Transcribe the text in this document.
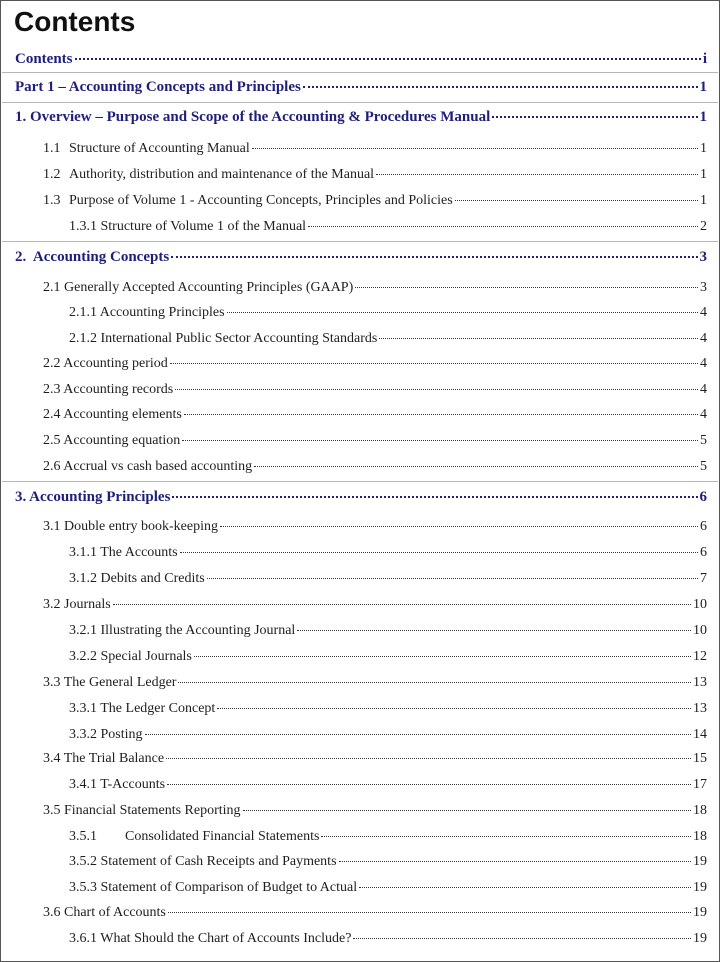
Contents
Contents	i
Part 1 – Accounting Concepts and Principles	1
1. Overview – Purpose and Scope of the Accounting & Procedures Manual	1
1.1 Structure of Accounting Manual	1
1.2 Authority, distribution and maintenance of the Manual	1
1.3 Purpose of Volume 1 - Accounting Concepts, Principles and Policies	1
1.3.1 Structure of Volume 1 of the Manual	2
2.  Accounting Concepts	3
2.1 Generally Accepted Accounting Principles (GAAP)	3
2.1.1 Accounting Principles	4
2.1.2 International Public Sector Accounting Standards	4
2.2 Accounting period	4
2.3 Accounting records	4
2.4 Accounting elements	4
2.5 Accounting equation	5
2.6 Accrual vs cash based accounting	5
3. Accounting Principles	6
3.1 Double entry book-keeping	6
3.1.1 The Accounts	6
3.1.2 Debits and Credits	7
3.2 Journals	10
3.2.1 Illustrating the Accounting Journal	10
3.2.2 Special Journals	12
3.3 The General Ledger	13
3.3.1 The Ledger Concept	13
3.3.2 Posting	14
3.4 The Trial Balance	15
3.4.1 T-Accounts	17
3.5 Financial Statements Reporting	18
3.5.1        Consolidated Financial Statements	18
3.5.2 Statement of Cash Receipts and Payments	19
3.5.3 Statement of Comparison of Budget to Actual	19
3.6 Chart of Accounts	19
3.6.1 What Should the Chart of Accounts Include?	19
